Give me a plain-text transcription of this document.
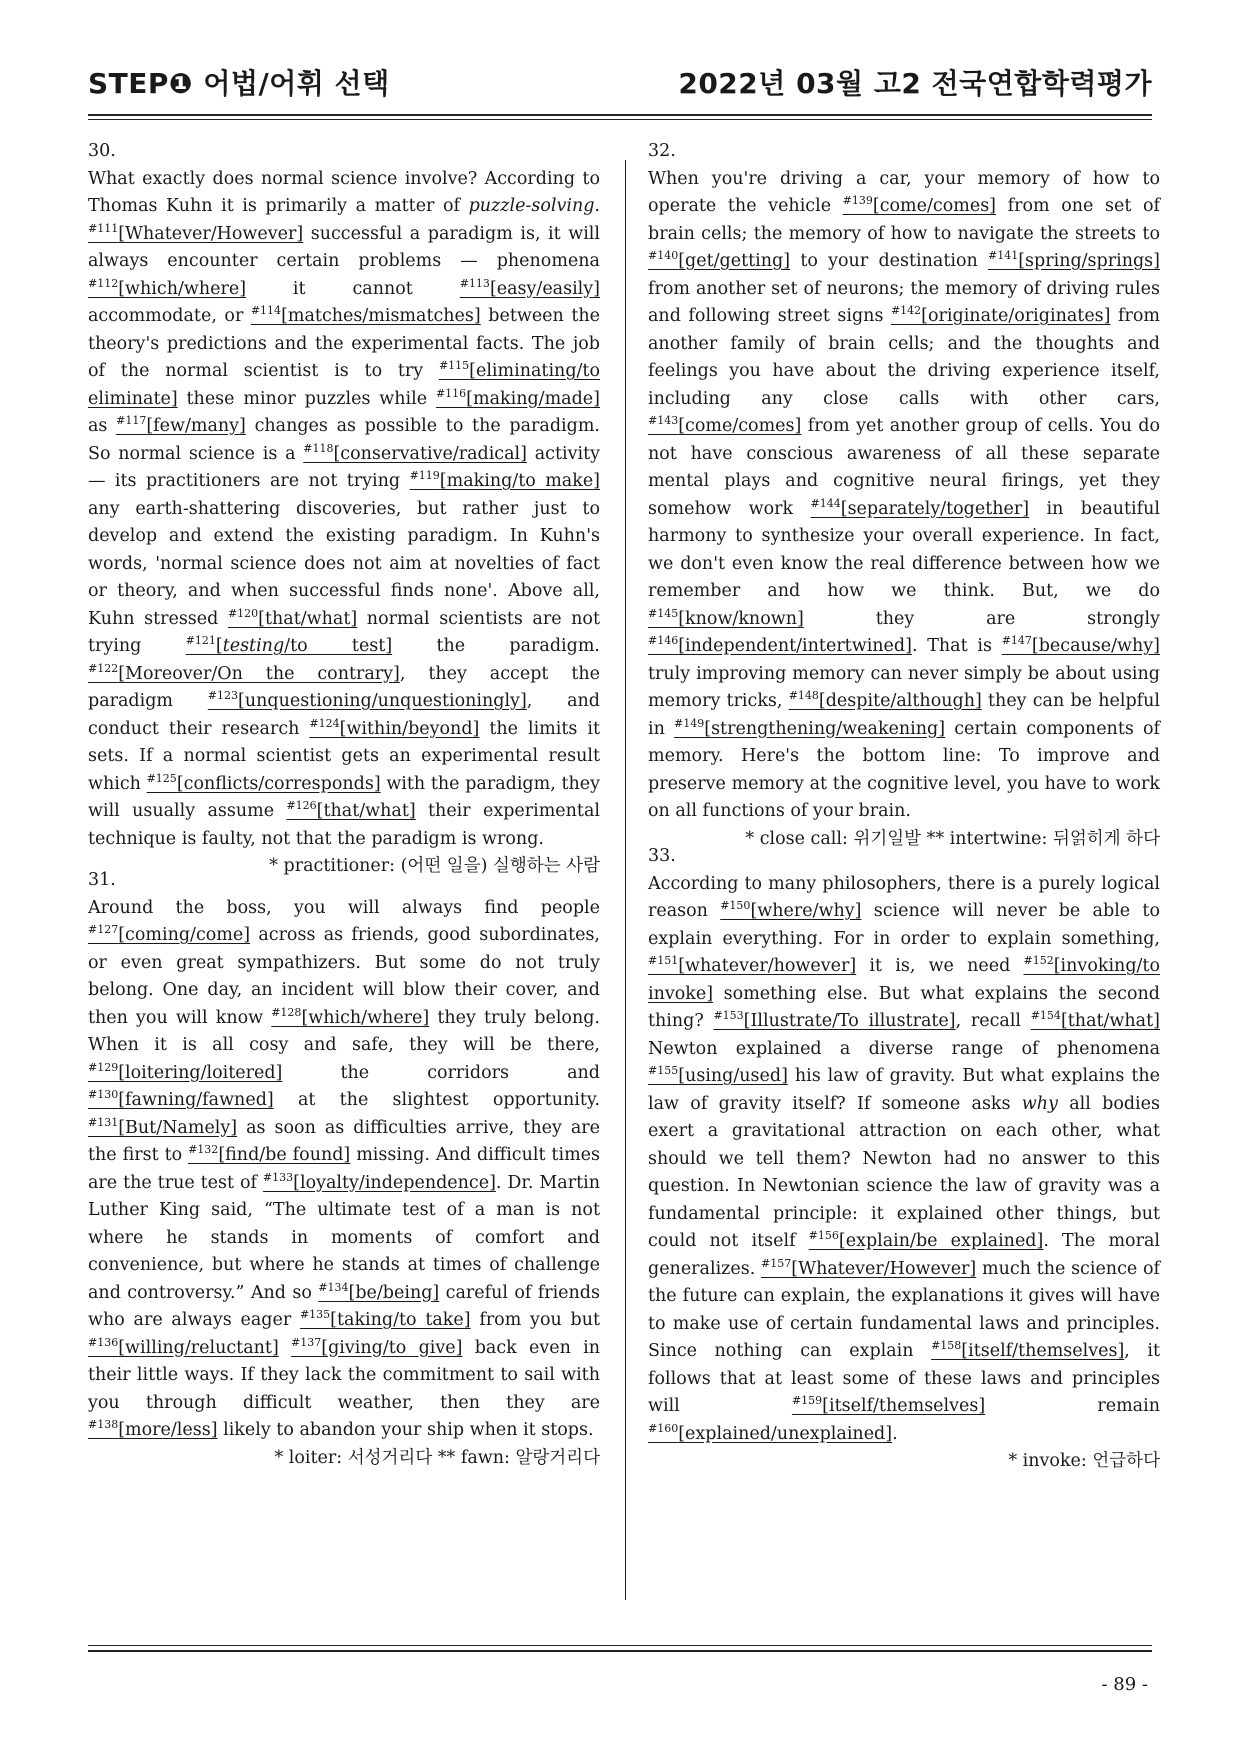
STEP❶ 어법/어휘 선택	2022년 03월 고2 전국연합학력평가
30.
What exactly does normal science involve? According to Thomas Kuhn it is primarily a matter of puzzle-solving. $^{\#111}$[Whatever/However] successful a paradigm is, it will always encounter certain problems — phenomena $^{\#112}$[which/where] it cannot $^{\#113}$[easy/easily] accommodate, or $^{\#114}$[matches/mismatches] between the theory's predictions and the experimental facts. The job of the normal scientist is to try $^{\#115}$[eliminating/to eliminate] these minor puzzles while $^{\#116}$[making/made] as $^{\#117}$[few/many] changes as possible to the paradigm. So normal science is a $^{\#118}$[conservative/radical] activity — its practitioners are not trying $^{\#119}$[making/to make] any earth-shattering discoveries, but rather just to develop and extend the existing paradigm. In Kuhn's words, 'normal science does not aim at novelties of fact or theory, and when successful finds none'. Above all, Kuhn stressed $^{\#120}$[that/what] normal scientists are not trying $^{\#121}$[testing/to test] the paradigm. $^{\#122}$[Moreover/On the contrary], they accept the paradigm $^{\#123}$[unquestioning/unquestioningly], and conduct their research $^{\#124}$[within/beyond] the limits it sets. If a normal scientist gets an experimental result which $^{\#125}$[conflicts/corresponds] with the paradigm, they will usually assume $^{\#126}$[that/what] their experimental technique is faulty, not that the paradigm is wrong.
* practitioner: (어떤 일을) 실행하는 사람
31.
Around the boss, you will always find people $^{\#127}$[coming/come] across as friends, good subordinates, or even great sympathizers. But some do not truly belong. One day, an incident will blow their cover, and then you will know $^{\#128}$[which/where] they truly belong. When it is all cosy and safe, they will be there, $^{\#129}$[loitering/loitered] the corridors and $^{\#130}$[fawning/fawned] at the slightest opportunity. $^{\#131}$[But/Namely] as soon as difficulties arrive, they are the first to $^{\#132}$[find/be found] missing. And difficult times are the true test of $^{\#133}$[loyalty/independence]. Dr. Martin Luther King said, “The ultimate test of a man is not where he stands in moments of comfort and convenience, but where he stands at times of challenge and controversy.” And so $^{\#134}$[be/being] careful of friends who are always eager $^{\#135}$[taking/to take] from you but $^{\#136}$[willing/reluctant] $^{\#137}$[giving/to give] back even in their little ways. If they lack the commitment to sail with you through difficult weather, then they are $^{\#138}$[more/less] likely to abandon your ship when it stops.
* loiter: 서성거리다 ** fawn: 알랑거리다
32.
When you're driving a car, your memory of how to operate the vehicle $^{\#139}$[come/comes] from one set of brain cells; the memory of how to navigate the streets to $^{\#140}$[get/getting] to your destination $^{\#141}$[spring/springs] from another set of neurons; the memory of driving rules and following street signs $^{\#142}$[originate/originates] from another family of brain cells; and the thoughts and feelings you have about the driving experience itself, including any close calls with other cars, $^{\#143}$[come/comes] from yet another group of cells. You do not have conscious awareness of all these separate mental plays and cognitive neural firings, yet they somehow work $^{\#144}$[separately/together] in beautiful harmony to synthesize your overall experience. In fact, we don't even know the real difference between how we remember and how we think. But, we do $^{\#145}$[know/known] they are strongly $^{\#146}$[independent/intertwined]. That is $^{\#147}$[because/why] truly improving memory can never simply be about using memory tricks, $^{\#148}$[despite/although] they can be helpful in $^{\#149}$[strengthening/weakening] certain components of memory. Here's the bottom line: To improve and preserve memory at the cognitive level, you have to work on all functions of your brain.
* close call: 위기일발 ** intertwine: 뒤얽히게 하다
33.
According to many philosophers, there is a purely logical reason $^{\#150}$[where/why] science will never be able to explain everything. For in order to explain something, $^{\#151}$[whatever/however] it is, we need $^{\#152}$[invoking/to invoke] something else. But what explains the second thing? $^{\#153}$[Illustrate/To illustrate], recall $^{\#154}$[that/what] Newton explained a diverse range of phenomena $^{\#155}$[using/used] his law of gravity. But what explains the law of gravity itself? If someone asks why all bodies exert a gravitational attraction on each other, what should we tell them? Newton had no answer to this question. In Newtonian science the law of gravity was a fundamental principle: it explained other things, but could not itself $^{\#156}$[explain/be explained]. The moral generalizes. $^{\#157}$[Whatever/However] much the science of the future can explain, the explanations it gives will have to make use of certain fundamental laws and principles. Since nothing can explain $^{\#158}$[itself/themselves], it follows that at least some of these laws and principles will $^{\#159}$[itself/themselves] remain $^{\#160}$[explained/unexplained].
* invoke: 언급하다
- 89 -
